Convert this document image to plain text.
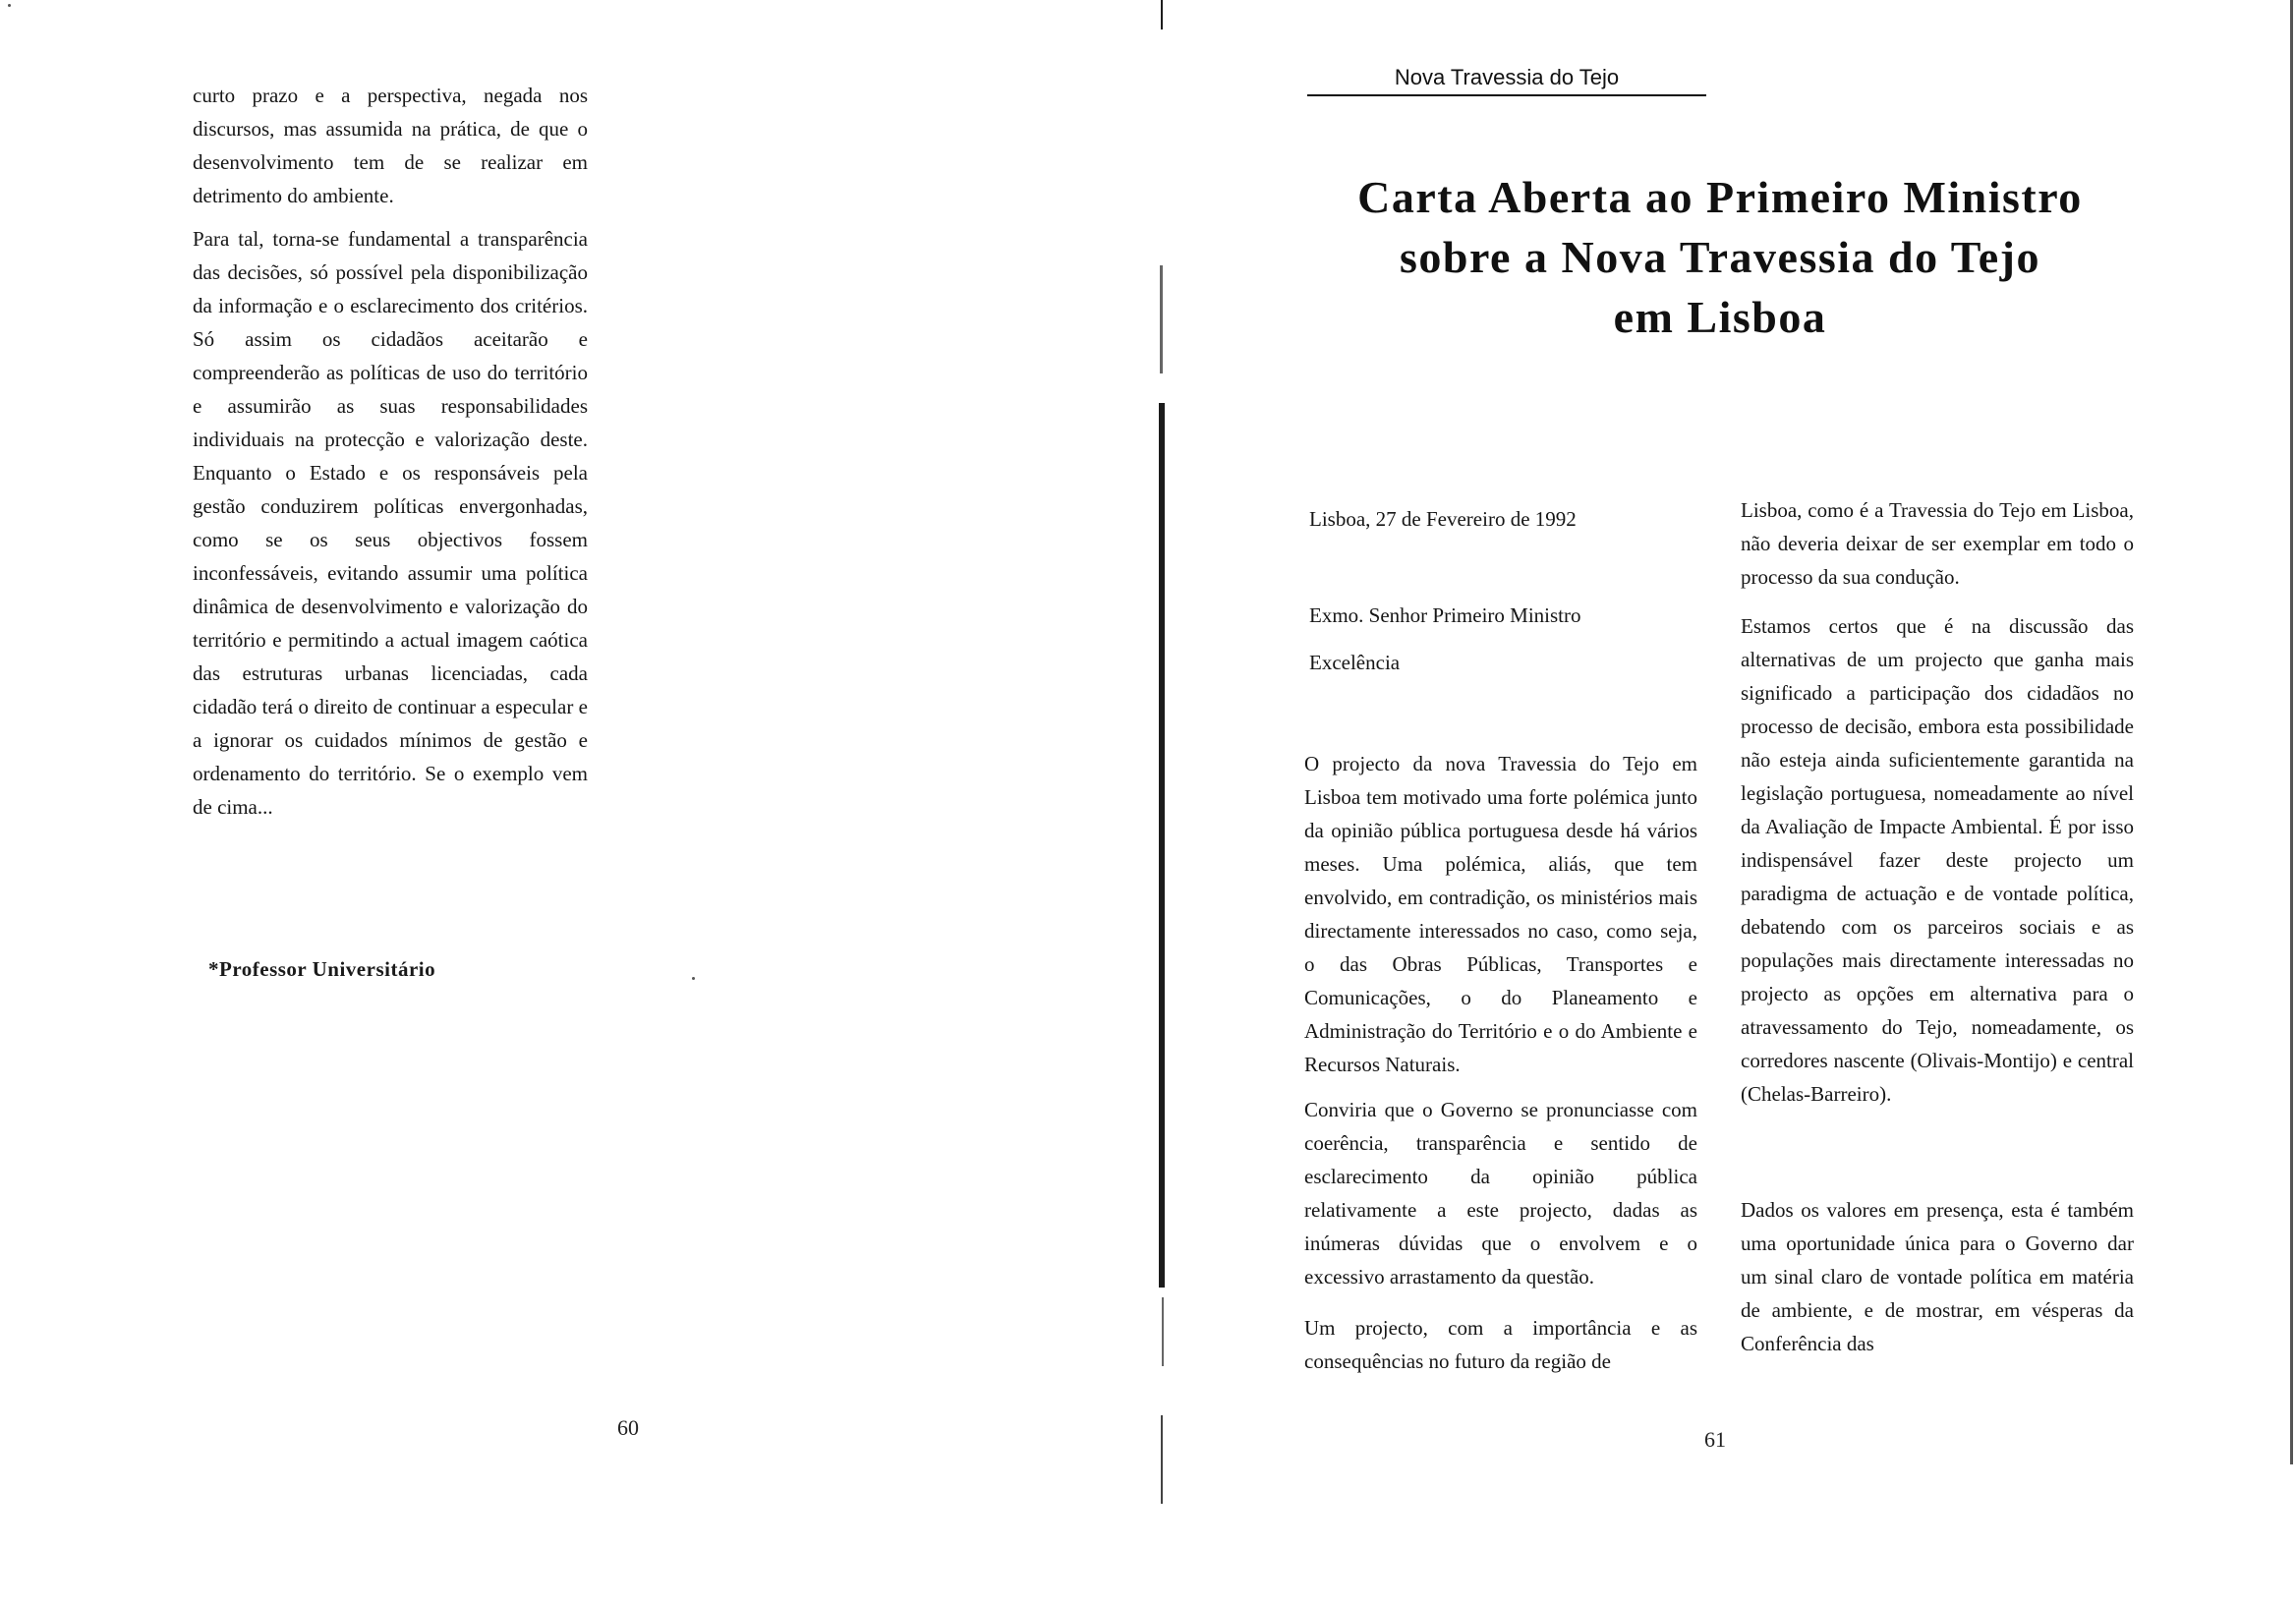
curto prazo e a perspectiva, negada nos discursos, mas assumida na prática, de que o desenvolvimento tem de se realizar em detrimento do ambiente.

Para tal, torna-se fundamental a transparência das decisões, só possível pela disponibilização da informação e o esclarecimento dos critérios. Só assim os cidadãos aceitarão e compreenderão as políticas de uso do território e assumirão as suas responsabilidades individuais na protecção e valorização deste. Enquanto o Estado e os responsáveis pela gestão conduzirem políticas envergonhadas, como se os seus objectivos fossem inconfessáveis, evitando assumir uma política dinâmica de desenvolvimento e valorização do território e permitindo a actual imagem caótica das estruturas urbanas licenciadas, cada cidadão terá o direito de continuar a especular e a ignorar os cuidados mínimos de gestão e ordenamento do território. Se o exemplo vem de cima...

*Professor Universitário
60
Nova Travessia do Tejo
Carta Aberta ao Primeiro Ministro
sobre a Nova Travessia do Tejo
em Lisboa
Lisboa, 27 de Fevereiro de 1992
Exmo. Senhor Primeiro Ministro
Excelência

O projecto da nova Travessia do Tejo em Lisboa tem motivado uma forte polémica junto da opinião pública portuguesa desde há vários meses. Uma polémica, aliás, que tem envolvido, em contradição, os ministérios mais directamente interessados no caso, como seja, o das Obras Públicas, Transportes e Comunicações, o do Planeamento e Administração do Território e o do Ambiente e Recursos Naturais.

Conviria que o Governo se pronunciasse com coerência, transparência e sentido de esclarecimento da opinião pública relativamente a este projecto, dadas as inúmeras dúvidas que o envolvem e o excessivo arrastamento da questão.

Um projecto, com a importância e as consequências no futuro da região de

Lisboa, como é a Travessia do Tejo em Lisboa, não deveria deixar de ser exemplar em todo o processo da sua condução.

Estamos certos que é na discussão das alternativas de um projecto que ganha mais significado a participação dos cidadãos no processo de decisão, embora esta possibilidade não esteja ainda suficientemente garantida na legislação portuguesa, nomeadamente ao nível da Avaliação de Impacte Ambiental. É por isso indispensável fazer deste projecto um paradigma de actuação e de vontade política, debatendo com os parceiros sociais e as populações mais directamente interessadas no projecto as opções em alternativa para o atravessamento do Tejo, nomeadamente, os corredores nascente (Olivais-Montijo) e central (Chelas-Barreiro).

Dados os valores em presença, esta é também uma oportunidade única para o Governo dar um sinal claro de vontade política em matéria de ambiente, e de mostrar, em vésperas da Conferência das

61
